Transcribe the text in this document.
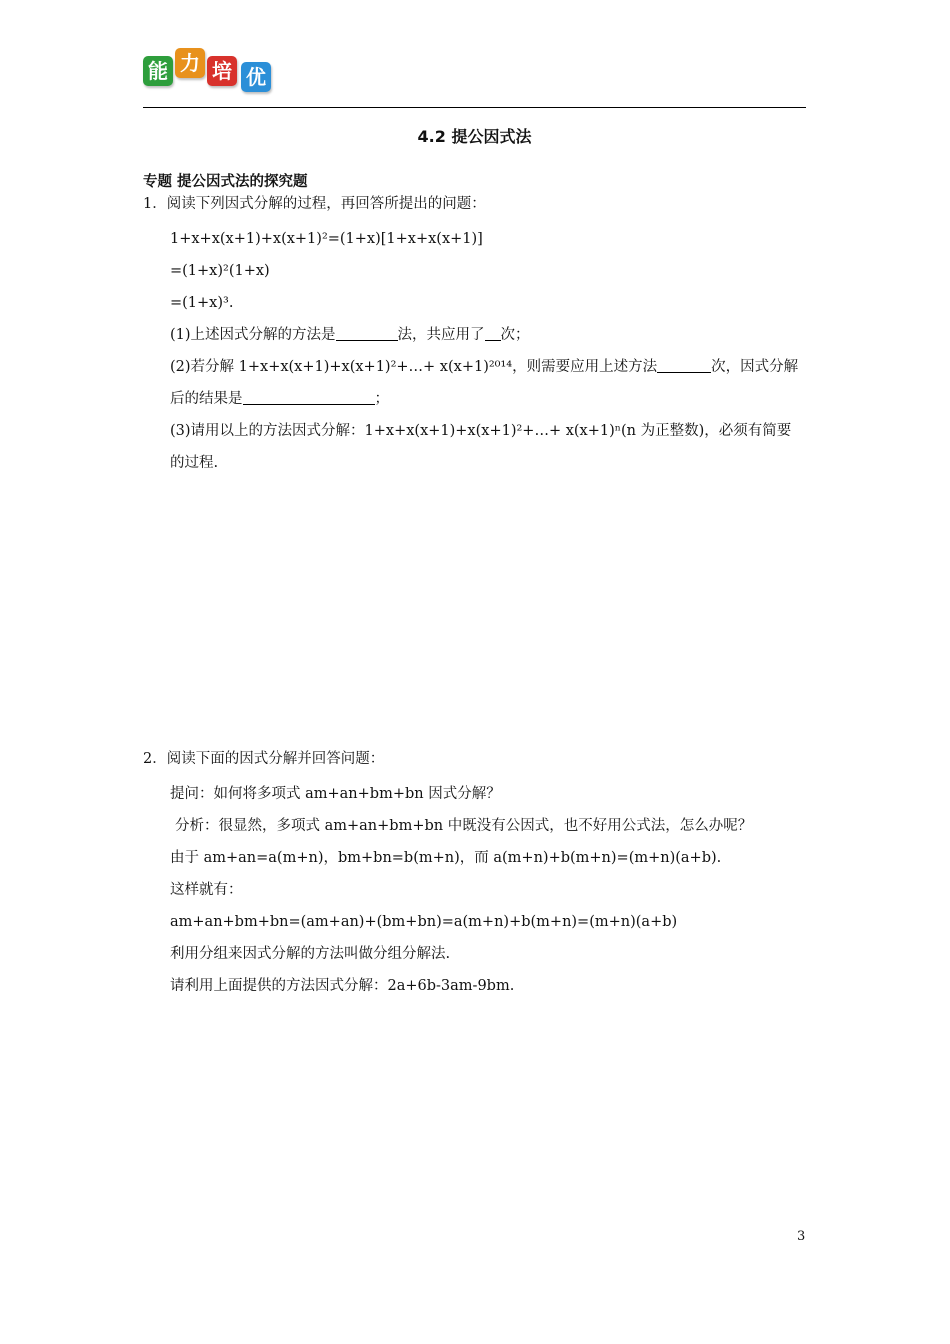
能 力 培 优
4.2 提公因式法
专题 提公因式法的探究题
1．阅读下列因式分解的过程，再回答所提出的问题：
1+x+x(x+1)+x(x+1)²=(1+x)[1+x+x(x+1)]
=(1+x)²(1+x)
=(1+x)³.
(1)上述因式分解的方法是	法，共应用了 次；
(2)若分解 1+x+x(x+1)+x(x+1)²+…+ x(x+1)²⁰¹⁴，则需要应用上述方法	次，因式分解
后的结果是	；
(3)请用以上的方法因式分解：1+x+x(x+1)+x(x+1)²+…+ x(x+1)ⁿ(n 为正整数)，必须有简要
的过程.
2．阅读下面的因式分解并回答问题：
提问：如何将多项式 am+an+bm+bn 因式分解？
分析：很显然，多项式 am+an+bm+bn 中既没有公因式，也不好用公式法，怎么办呢？
由于 am+an=a(m+n)，bm+bn=b(m+n)，而 a(m+n)+b(m+n)=(m+n)(a+b).
这样就有：
am+an+bm+bn=(am+an)+(bm+bn)=a(m+n)+b(m+n)=(m+n)(a+b)
利用分组来因式分解的方法叫做分组分解法.
请利用上面提供的方法因式分解：2a+6b-3am-9bm.
3
